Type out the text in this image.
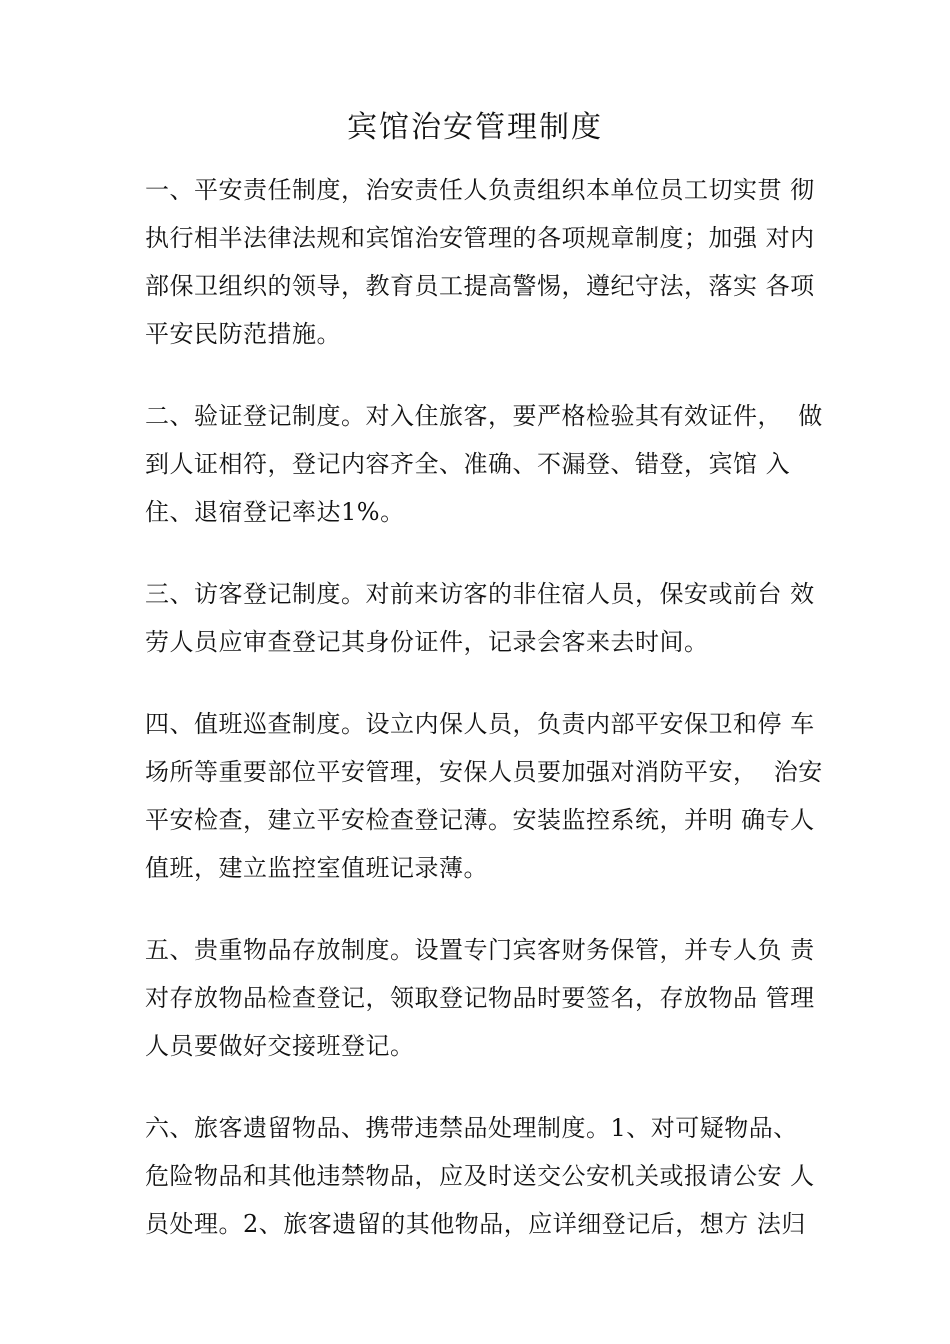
宾馆治安管理制度
一、平安责任制度，治安责任人负责组织本单位员工切实贯 彻
执行相半法律法规和宾馆治安管理的各项规章制度；加强 对内
部保卫组织的领导，教育员工提高警惕，遵纪守法，落实 各项
平安民防范措施。
二、验证登记制度。对入住旅客，要严格检验其有效证件，  做
到人证相符，登记内容齐全、准确、不漏登、错登，宾馆 入
住、退宿登记率达1%。
三、访客登记制度。对前来访客的非住宿人员，保安或前台 效
劳人员应审查登记其身份证件，记录会客来去时间。
四、值班巡查制度。设立内保人员，负责内部平安保卫和停 车
场所等重要部位平安管理，安保人员要加强对消防平安，  治安
平安检查，建立平安检查登记薄。安装监控系统，并明 确专人
值班，建立监控室值班记录薄。
五、贵重物品存放制度。设置专门宾客财务保管，并专人负 责
对存放物品检查登记，领取登记物品时要签名，存放物品 管理
人员要做好交接班登记。
六、旅客遗留物品、携带违禁品处理制度。1、对可疑物品、
危险物品和其他违禁物品，应及时送交公安机关或报请公安 人
员处理。2、旅客遗留的其他物品，应详细登记后，想方 法归
